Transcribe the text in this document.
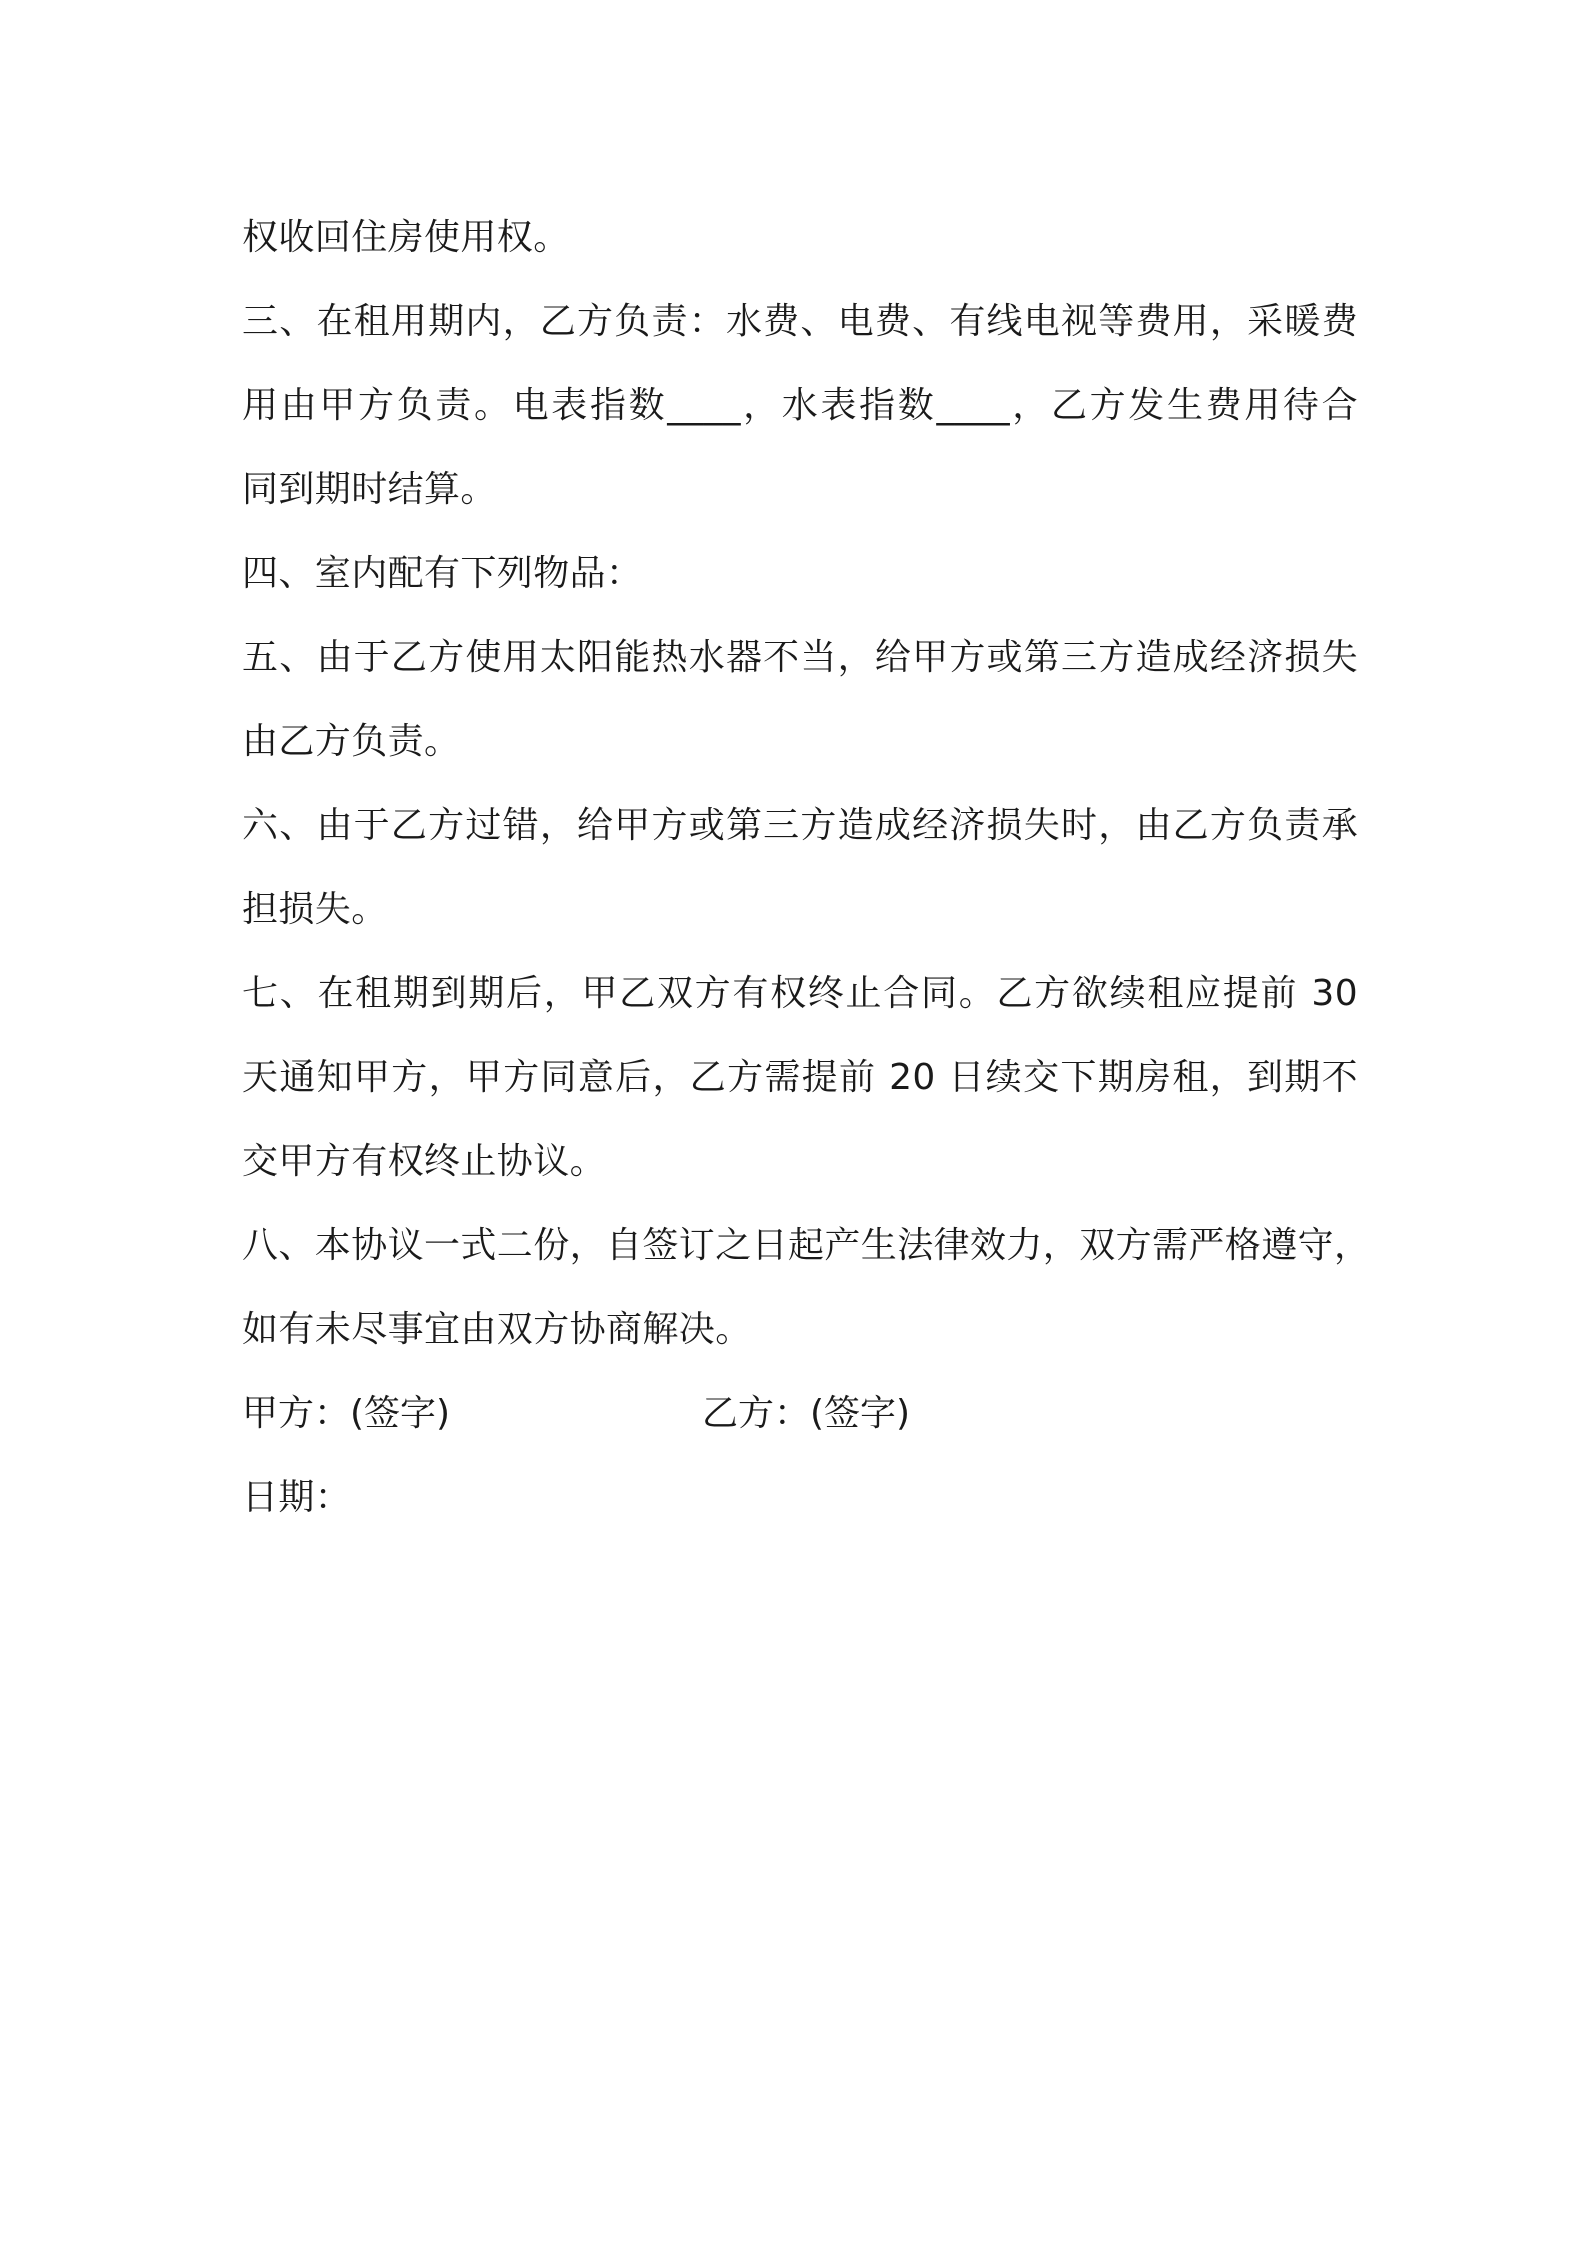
权收回住房使用权。
三、在租用期内，乙方负责：水费、电费、有线电视等费用，采暖费
用由甲方负责。电表指数____，水表指数____，乙方发生费用待合
同到期时结算。
四、室内配有下列物品：
五、由于乙方使用太阳能热水器不当，给甲方或第三方造成经济损失
由乙方负责。
六、由于乙方过错，给甲方或第三方造成经济损失时，由乙方负责承
担损失。
七、在租期到期后，甲乙双方有权终止合同。乙方欲续租应提前 30
天通知甲方，甲方同意后，乙方需提前 20 日续交下期房租，到期不
交甲方有权终止协议。
八、本协议一式二份，自签订之日起产生法律效力，双方需严格遵守，
如有未尽事宜由双方协商解决。
甲方：(签字)	乙方：(签字)
日期：
